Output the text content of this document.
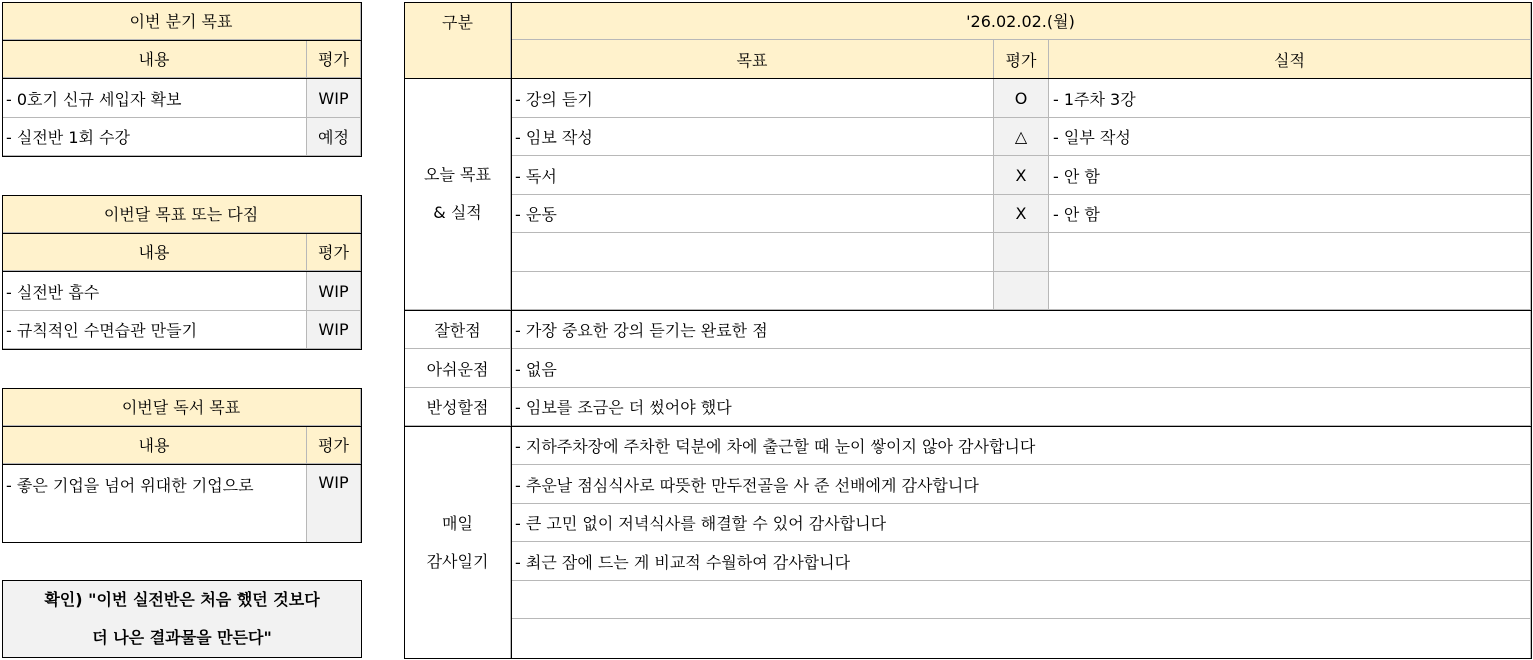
이번 분기 목표
내용	평가
- 0호기 신규 세입자 확보	WIP
- 실전반 1회 수강	예정
이번달 목표 또는 다짐
내용	평가
- 실전반 흡수	WIP
- 규칙적인 수면습관 만들기	WIP
이번달 독서 목표
내용	평가
- 좋은 기업을 넘어 위대한 기업으로	WIP
확인) "이번 실전반은 처음 했던 것보다
더 나은 결과물을 만든다"
구분	'26.02.02.(월)
목표	평가	실적
오늘 목표
& 실적
- 강의 듣기	O	- 1주차 3강
- 임보 작성	△	- 일부 작성
- 독서	X	- 안 함
- 운동	X	- 안 함
잘한점	- 가장 중요한 강의 듣기는 완료한 점
아쉬운점	- 없음
반성할점	- 임보를 조금은 더 썼어야 했다
매일
감사일기
- 지하주차장에 주차한 덕분에 차에 출근할 때 눈이 쌓이지 않아 감사합니다
- 추운날 점심식사로 따뜻한 만두전골을 사 준 선배에게 감사합니다
- 큰 고민 없이 저녁식사를 해결할 수 있어 감사합니다
- 최근 잠에 드는 게 비교적 수월하여 감사합니다
